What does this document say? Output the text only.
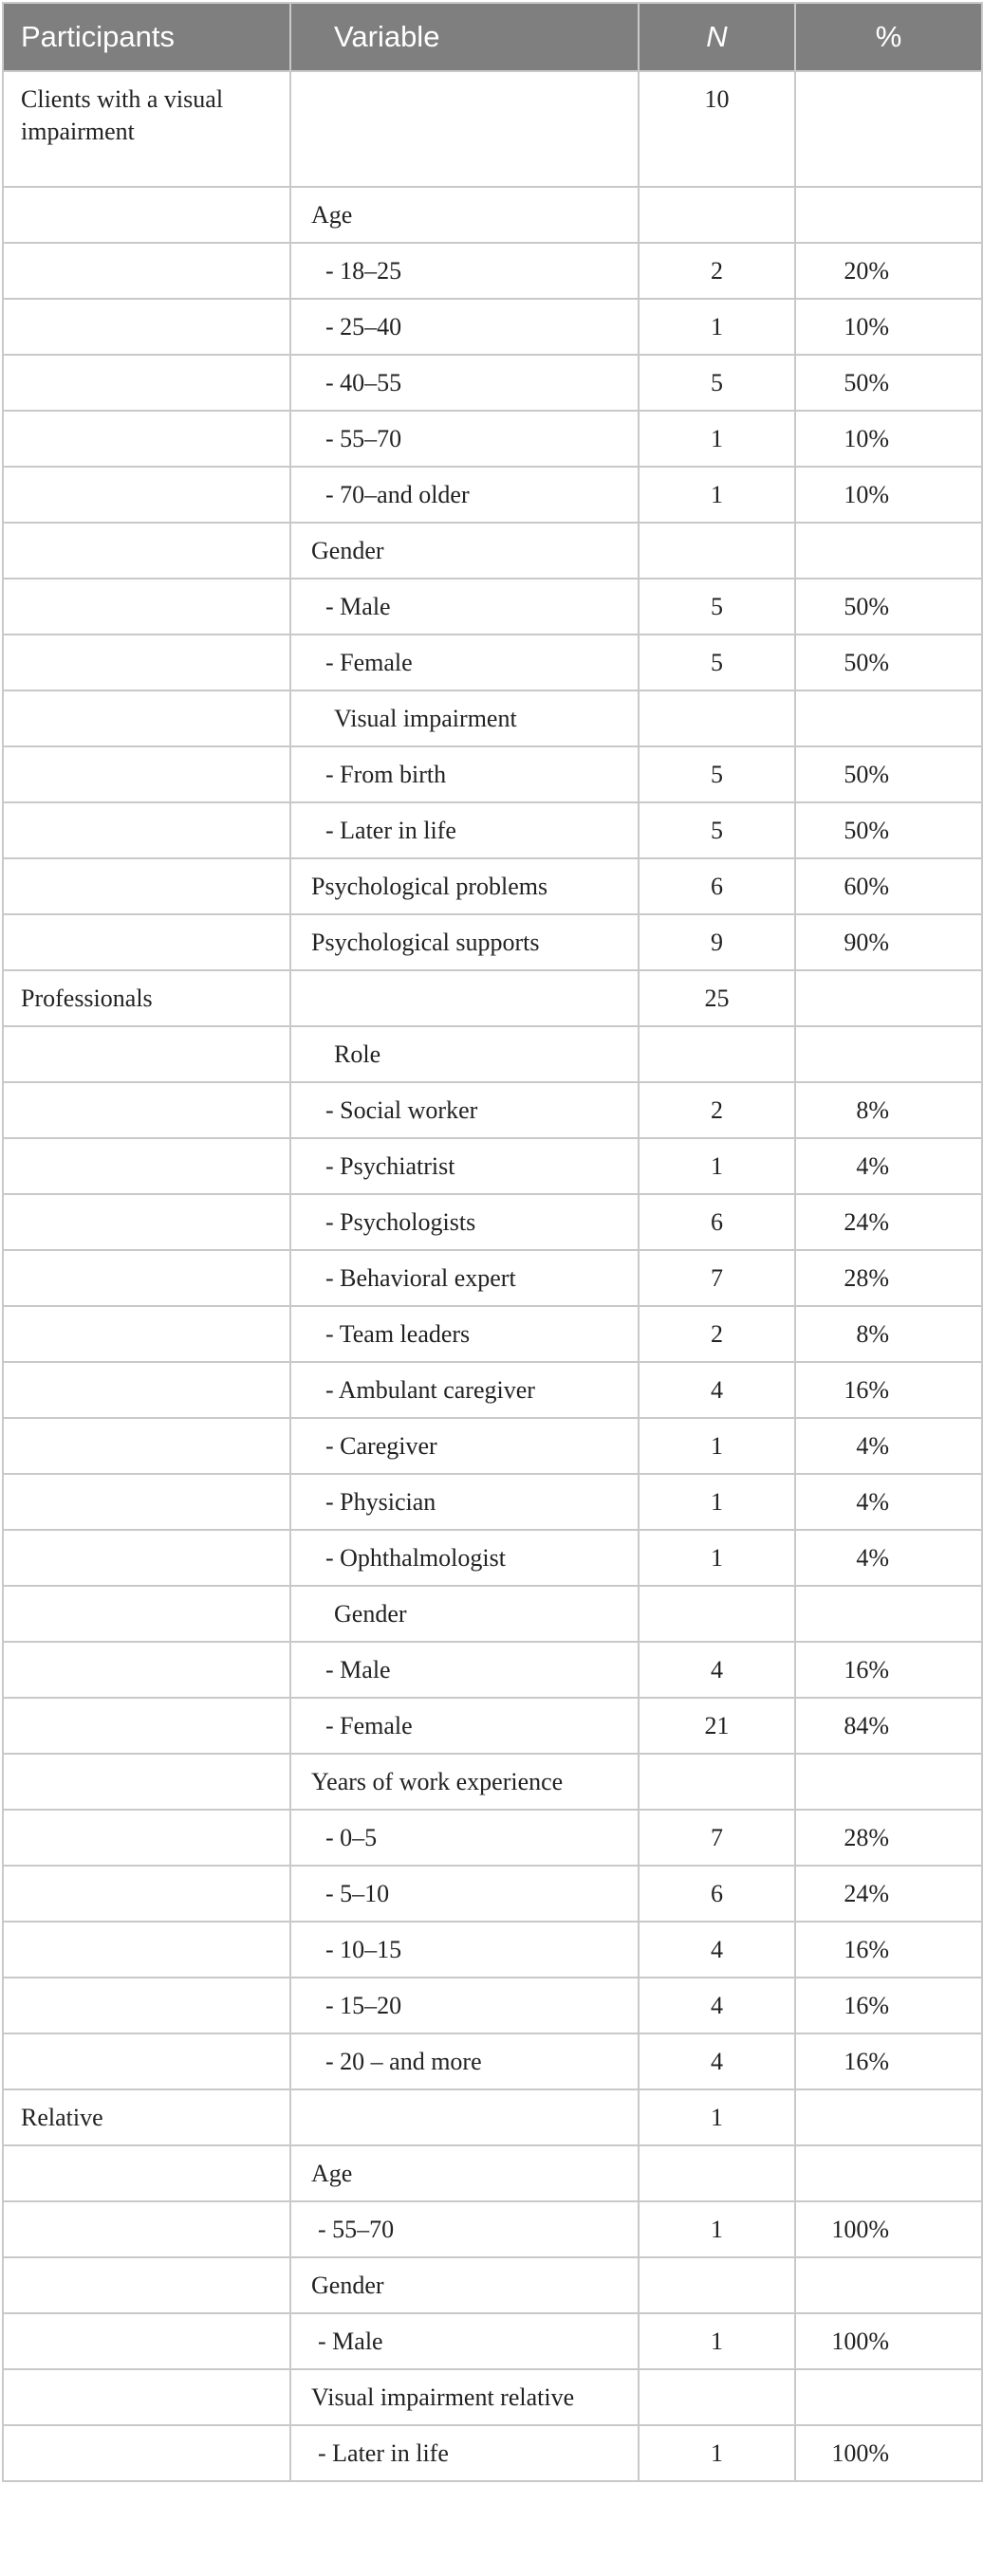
Participants	Variable	N	%
Clients with a visual impairment		10	
	Age		
	- 18–25	2	20%
	- 25–40	1	10%
	- 40–55	5	50%
	- 55–70	1	10%
	- 70–and older	1	10%
	Gender		
	- Male	5	50%
	- Female	5	50%
	Visual impairment		
	- From birth	5	50%
	- Later in life	5	50%
	Psychological problems	6	60%
	Psychological supports	9	90%
Professionals		25	
	Role		
	- Social worker	2	8%
	- Psychiatrist	1	4%
	- Psychologists	6	24%
	- Behavioral expert	7	28%
	- Team leaders	2	8%
	- Ambulant caregiver	4	16%
	- Caregiver	1	4%
	- Physician	1	4%
	- Ophthalmologist	1	4%
	Gender		
	- Male	4	16%
	- Female	21	84%
	Years of work experience		
	- 0–5	7	28%
	- 5–10	6	24%
	- 10–15	4	16%
	- 15–20	4	16%
	- 20 – and more	4	16%
Relative		1	
	Age		
	- 55–70	1	100%
	Gender		
	- Male	1	100%
	Visual impairment relative		
	- Later in life	1	100%
